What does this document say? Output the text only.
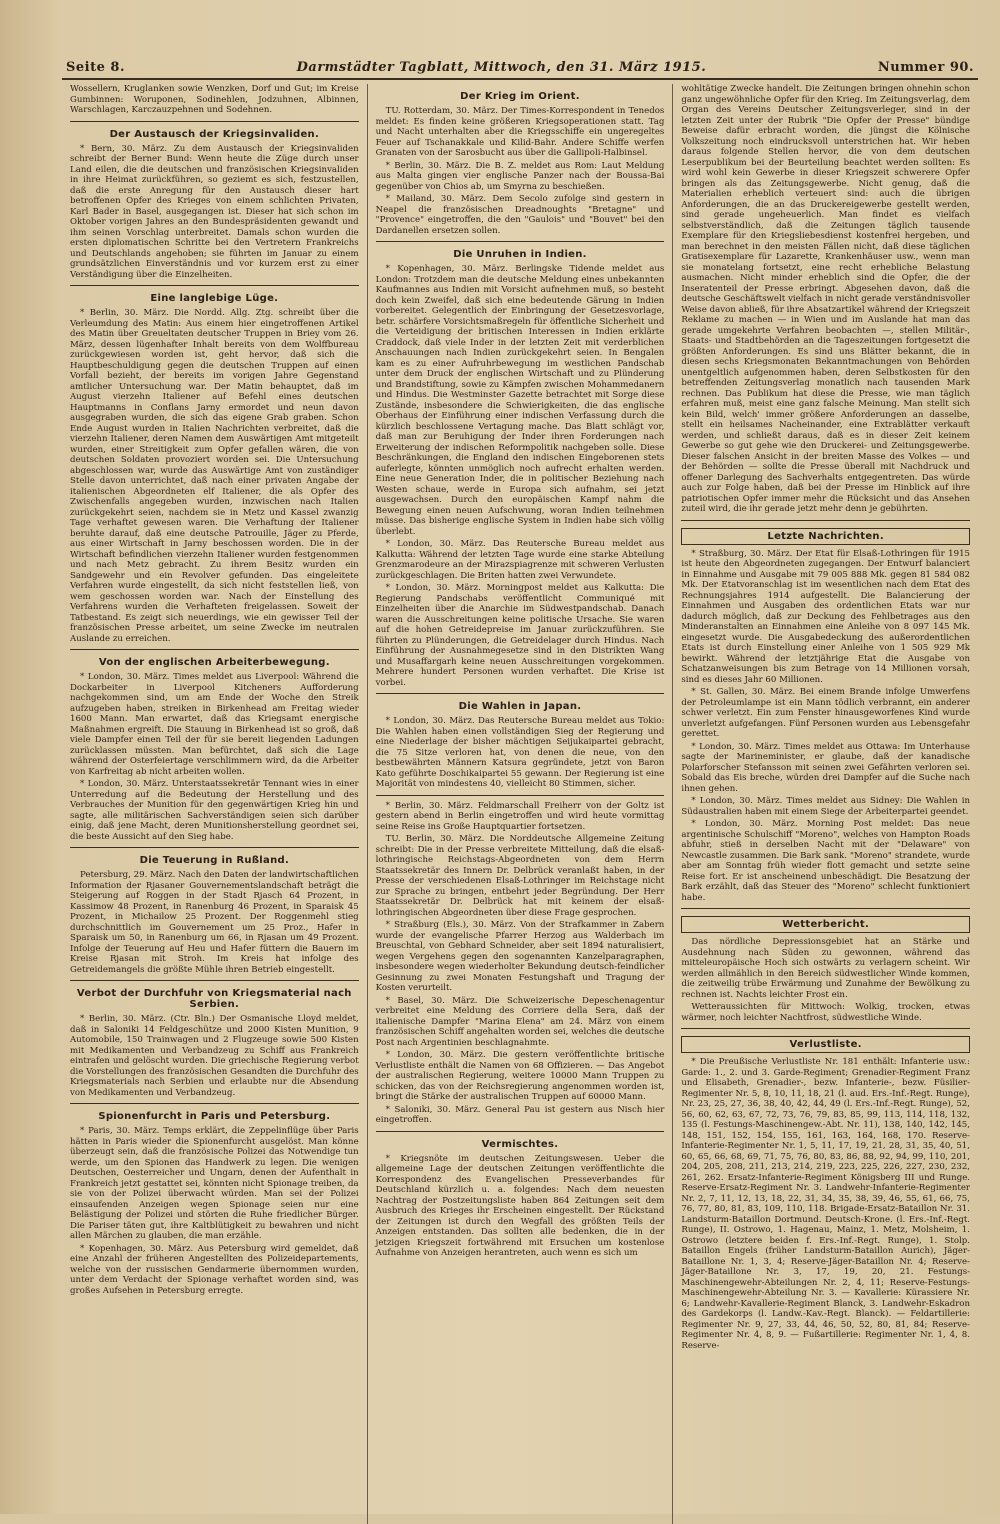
Seite 8.	Darmstädter Tagblatt, Mittwoch, den 31. März 1915.	Nummer 90.

Wossellern, Kruglanken sowie Wenzken, Dorf und Gut; im Kreise Gumbinnen: Woruponen, Sodinehlen, Jodzuhnen, Albinnen, Warschlagen, Karczauzpehnen und Sodehnen.

Der Austausch der Kriegsinvaliden.

* Bern, 30. März. Zu dem Austausch der Kriegsinvaliden schreibt der Berner Bund: Wenn heute die Züge durch unser Land eilen, die die deutschen und französischen Kriegsinvaliden in ihre Heimat zurückführen, so geziemt es sich, festzustellen, daß die erste Anregung für den Austausch dieser hart betroffenen Opfer des Krieges von einem schlichten Privaten, Karl Bader in Basel, ausgegangen ist. Dieser hat sich schon im Oktober vorigen Jahres an den Bundespräsidenten gewandt und ihm seinen Vorschlag unterbreitet. Damals schon wurden die ersten diplomatischen Schritte bei den Vertretern Frankreichs und Deutschlands angehoben; sie führten im Januar zu einem grundsätzlichen Einverständnis und vor kurzem erst zu einer Verständigung über die Einzelheiten.

Eine langlebige Lüge.

* Berlin, 30. März. Die Nordd. Allg. Ztg. schreibt über die Verleumdung des Matin: Aus einem hier eingetroffenen Artikel des Matin über Greueltaten deutscher Truppen in Briey vom 26. März, dessen lügenhafter Inhalt bereits von dem Wolffbureau zurückgewiesen worden ist, geht hervor, daß sich die Hauptbeschuldigung gegen die deutschen Truppen auf einen Vorfall bezieht, der bereits im vorigen Jahre Gegenstand amtlicher Untersuchung war. Der Matin behauptet, daß im August vierzehn Italiener auf Befehl eines deutschen Hauptmanns in Conflans Jarny ermordet und neun davon ausgegraben wurden, die sich das eigene Grab graben. Schon Ende August wurden in Italien Nachrichten verbreitet, daß die vierzehn Italiener, deren Namen dem Auswärtigen Amt mitgeteilt wurden, einer Streitigkeit zum Opfer gefallen wären, die von deutschen Soldaten provoziert worden sei. Die Untersuchung abgeschlossen war, wurde das Auswärtige Amt von zuständiger Stelle davon unterrichtet, daß nach einer privaten Angabe der italienischen Abgeordneten elf Italiener, die als Opfer des Zwischenfalls angegeben wurden, inzwischen nach Italien zurückgekehrt seien, nachdem sie in Metz und Kassel zwanzig Tage verhaftet gewesen waren. Die Verhaftung der Italiener beruhte darauf, daß eine deutsche Patrouille, Jäger zu Pferde, aus einer Wirtschaft in Jarny beschossen worden. Die in der Wirtschaft befindlichen vierzehn Italiener wurden festgenommen und nach Metz gebracht. Zu ihrem Besitz wurden ein Sandgewehr und ein Revolver gefunden. Das eingeleitete Verfahren wurde eingestellt, da sich nicht feststellen ließ, von wem geschossen worden war. Nach der Einstellung des Verfahrens wurden die Verhafteten freigelassen. Soweit der Tatbestand. Es zeigt sich neuerdings, wie ein gewisser Teil der französischen Presse arbeitet, um seine Zwecke im neutralen Auslande zu erreichen.

Von der englischen Arbeiterbewegung.

* London, 30. März. Times meldet aus Liverpool: Während die Dockarbeiter in Liverpool Kitcheners Aufforderung nachgekommen sind, um am Ende der Woche den Streik aufzugeben haben, streiken in Birkenhead am Freitag wieder 1600 Mann. Man erwartet, daß das Kriegsamt energische Maßnahmen ergreift. Die Stauung in Birkenhead ist so groß, daß viele Dampfer einen Teil der für sie bereit liegenden Ladungen zurücklassen müssten. Man befürchtet, daß sich die Lage während der Osterfeiertage verschlimmern wird, da die Arbeiter von Karfreitag ab nicht arbeiten wollen.

* London, 30. März. Unterstaatssekretär Tennant wies in einer Unterredung auf die Bedeutung der Herstellung und des Verbrauches der Munition für den gegenwärtigen Krieg hin und sagte, alle militärischen Sachverständigen seien sich darüber einig, daß jene Macht, deren Munitionsherstellung geordnet sei, die beste Aussicht auf den Sieg habe.

Die Teuerung in Rußland.

Petersburg, 29. März. Nach den Daten der landwirtschaftlichen Information der Rjasaner Gouvernementslandschaft beträgt die Steigerung auf Roggen in der Stadt Rjasch 64 Prozent, in Kassimow 48 Prozent, in Ranenburg 46 Prozent, in Sparaisk 45 Prozent, in Michailow 25 Prozent. Der Roggenmehl stieg durchschnittlich im Gouvernement um 25 Proz., Hafer in Sparaisk um 50, in Ranenburg um 66, in Rjasan um 49 Prozent. Infolge der Teuerung auf Heu und Hafer füttern die Bauern im Kreise Rjasan mit Stroh. Im Kreis hat infolge des Getreidemangels die größte Mühle ihren Betrieb eingestellt.

Verbot der Durchfuhr von Kriegsmaterial nach Serbien.

* Berlin, 30. März. (Ctr. Bln.) Der Osmanische Lloyd meldet, daß in Saloniki 14 Feldgeschütze und 2000 Kisten Munition, 9 Automobile, 150 Trainwagen und 2 Flugzeuge sowie 500 Kisten mit Medikamenten und Verbandzeug zu Schiff aus Frankreich eintrafen und gelöscht wurden. Die griechische Regierung verbot die Vorstellungen des französischen Gesandten die Durchfuhr des Kriegsmaterials nach Serbien und erlaubte nur die Absendung von Medikamenten und Verbandzeug.

Spionenfurcht in Paris und Petersburg.

* Paris, 30. März. Temps erklärt, die Zeppelinflüge über Paris hätten in Paris wieder die Spionenfurcht ausgelöst. Man könne überzeugt sein, daß die französische Polizei das Notwendige tun werde, um den Spionen das Handwerk zu legen. Die wenigen Deutschen, Oesterreicher und Ungarn, denen der Aufenthalt in Frankreich jetzt gestattet sei, könnten nicht Spionage treiben, da sie von der Polizei überwacht würden. Man sei der Polizei einsaufenden Anzeigen wegen Spionage seien nur eine Belästigung der Polizei und störten die Ruhe friedlicher Bürger. Die Pariser täten gut, ihre Kaltblütigkeit zu bewahren und nicht allen Märchen zu glauben, die man erzähle.

* Kopenhagen, 30. März. Aus Petersburg wird gemeldet, daß eine Anzahl der früheren Angestellten des Polizeidepartements, welche von der russischen Gendarmerie übernommen wurden, unter dem Verdacht der Spionage verhaftet worden sind, was großes Aufsehen in Petersburg erregte.

Der Krieg im Orient.

TU. Rotterdam, 30. März. Der Times-Korrespondent in Tenedos meldet: Es finden keine größeren Kriegsoperationen statt. Tag und Nacht unterhalten aber die Kriegsschiffe ein ungeregeltes Feuer auf Tschanakkale und Kilid-Bahr. Andere Schiffe werfen Granaten von der Sarosbucht aus über die Gallipoli-Halbinsel.

* Berlin, 30. März. Die B. Z. meldet aus Rom: Laut Meldung aus Malta gingen vier englische Panzer nach der Boussa-Bai gegenüber von Chios ab, um Smyrna zu beschießen.

* Mailand, 30. März. Dem Secolo zufolge sind gestern in Neapel die französischen Dreadnoughts "Bretagne" und "Provence" eingetroffen, die den "Gaulois" und "Bouvet" bei den Dardanellen ersetzen sollen.

Die Unruhen in Indien.

* Kopenhagen, 30. März. Berlingske Tidende meldet aus London: Trotzdem man die deutsche Meldung eines unbekannten Kaufmannes aus Indien mit Vorsicht aufnehmen muß, so besteht doch kein Zweifel, daß sich eine bedeutende Gärung in Indien vorbereitet. Gelegentlich der Einbringung der Gesetzesvorlage, betr. schärfere Vorsichtsmaßregeln für öffentliche Sicherheit und die Verteidigung der britischen Interessen in Indien erklärte Craddock, daß viele Inder in der letzten Zeit mit verderblichen Anschauungen nach Indien zurückgekehrt seien. In Bengalen kam es zu einer Aufruhrbewegung im westlichen Pandschab unter dem Druck der englischen Wirtschaft und zu Plünderung und Brandstiftung, sowie zu Kämpfen zwischen Mohammedanern und Hindus. Die Westminster Gazette betrachtet mit Sorge diese Zustände, insbesondere die Schwierigkeiten, die das englische Oberhaus der Einführung einer indischen Verfassung durch die kürzlich beschlossene Vertagung mache. Das Blatt schlägt vor, daß man zur Beruhigung der Inder ihren Forderungen nach Erweiterung der indischen Reformpolitik nachgeben solle. Diese Beschränkungen, die England den indischen Eingeborenen stets auferlegte, könnten unmöglich noch aufrecht erhalten werden. Eine neue Generation Inder, die in politischer Beziehung nach Westen schaue, werde in Europa sich aufnahm, sei jetzt ausgewachsen. Durch den europäischen Kampf nahm die Bewegung einen neuen Aufschwung, woran Indien teilnehmen müsse. Das bisherige englische System in Indien habe sich völlig überlebt.

* London, 30. März. Das Reutersche Bureau meldet aus Kalkutta: Während der letzten Tage wurde eine starke Abteilung Grenzmarodeure an der Mirazspiagrenze mit schweren Verlusten zurückgeschlagen. Die Briten hatten zwei Verwundete.

* London, 30. März. Morningpost meldet aus Kalkutta: Die Regierung Pandschabs veröffentlicht Communiqué mit Einzelheiten über die Anarchie im Südwestpandschab. Danach waren die Ausschreitungen keine politische Ursache. Sie waren auf die hohen Getreidepreise im Januar zurückzuführen. Sie führten zu Plünderungen, die Getreidelager durch Hindus. Nach Einführung der Ausnahmegesetze sind in den Distrikten Wang und Musaffargarh keine neuen Ausschreitungen vorgekommen. Mehrere hundert Personen wurden verhaftet. Die Krise ist vorbei.

Die Wahlen in Japan.

* London, 30. März. Das Reutersche Bureau meldet aus Tokio: Die Wahlen haben einen vollständigen Sieg der Regierung und eine Niederlage der bisher mächtigen Seijukaipartei gebracht, die 75 Sitze verloren hat, von denen die neue, von den bestbewährten Männern Katsura gegründete, jetzt von Baron Kato geführte Doschikaipartei 55 gewann. Der Regierung ist eine Majorität von mindestens 40, vielleicht 80 Stimmen, sicher.

* Berlin, 30. März. Feldmarschall Freiherr von der Goltz ist gestern abend in Berlin eingetroffen und wird heute vormittag seine Reise ins Große Hauptquartier fortsetzen.

TU. Berlin, 30. März. Die Norddeutsche Allgemeine Zeitung schreibt: Die in der Presse verbreitete Mitteilung, daß die elsaß-lothringische Reichstags-Abgeordneten von dem Herrn Staatssekretär des Innern Dr. Delbrück veranlaßt haben, in der Presse der verschiedenen Elsaß-Lothringer im Reichstage nicht zur Sprache zu bringen, entbehrt jeder Begründung. Der Herr Staatssekretär Dr. Delbrück hat mit keinem der elsaß-lothringischen Abgeordneten über diese Frage gesprochen.

* Straßburg (Els.), 30. März. Von der Strafkammer in Zabern wurde der evangelische Pfarrer Herzog aus Walderbach im Breuschtal, von Gebhard Schneider, aber seit 1894 naturalisiert, wegen Vergehens gegen den sogenannten Kanzelparagraphen, insbesondere wegen wiederholter Bekundung deutsch-feindlicher Gesinnung zu zwei Monaten Festungshaft und Tragung der Kosten verurteilt.

* Basel, 30. März. Die Schweizerische Depeschenagentur verbreitet eine Meldung des Corriere della Sera, daß der italienische Dampfer "Marina Elena" am 24. März von einem französischen Schiff angehalten worden sei, welches die deutsche Post nach Argentinien beschlagnahmte.

* London, 30. März. Die gestern veröffentlichte britische Verlustliste enthält die Namen von 68 Offizieren. — Das Angebot der australischen Regierung, weitere 10000 Mann Truppen zu schicken, das von der Reichsregierung angenommen worden ist, bringt die Stärke der australischen Truppen auf 60000 Mann.

* Saloniki, 30. März. General Pau ist gestern aus Nisch hier eingetroffen.

Vermischtes.

* Kriegsnöte im deutschen Zeitungswesen. Ueber die allgemeine Lage der deutschen Zeitungen veröffentlichte die Korrespondenz des Evangelischen Presseverbandes für Deutschland kürzlich u. a. folgendes: Nach dem neuesten Nachtrag der Postzeitungsliste haben 864 Zeitungen seit dem Ausbruch des Krieges ihr Erscheinen eingestellt. Der Rückstand der Zeitungen ist durch den Wegfall des größten Teils der Anzeigen entstanden. Das sollten alle bedenken, die in der jetzigen Kriegszeit fortwährend mit Ersuchen um kostenlose Aufnahme von Anzeigen herantreten, auch wenn es sich um

wohltätige Zwecke handelt. Die Zeitungen bringen ohnehin schon ganz ungewöhnliche Opfer für den Krieg. Im Zeitungsverlag, dem Organ des Vereins Deutscher Zeitungsverleger, sind in der letzten Zeit unter der Rubrik "Die Opfer der Presse" bündige Beweise dafür erbracht worden, die jüngst die Kölnische Volkszeitung noch eindrucksvoll unterstrichen hat. Wir heben daraus folgende Stellen hervor, die von dem deutschen Leserpublikum bei der Beurteilung beachtet werden sollten: Es wird wohl kein Gewerbe in dieser Kriegszeit schwerere Opfer bringen als das Zeitungsgewerbe. Nicht genug, daß die Materialien erheblich verteuert sind: auch die übrigen Anforderungen, die an das Druckereigewerbe gestellt werden, sind gerade ungeheuerlich. Man findet es vielfach selbstverständlich, daß die Zeitungen täglich tausende Exemplare für den Kriegsliebesdienst kostenfrei hergeben, und man berechnet in den meisten Fällen nicht, daß diese täglichen Gratisexemplare für Lazarette, Krankenhäuser usw., wenn man sie monatelang fortsetzt, eine recht erhebliche Belastung ausmachen. Nicht minder erheblich sind die Opfer, die der Inseratenteil der Presse erbringt. Abgesehen davon, daß die deutsche Geschäftswelt vielfach in nicht gerade verständnisvoller Weise davon abließ, für ihre Absatzartikel während der Kriegszeit Reklame zu machen — in Wien und im Auslande hat man das gerade umgekehrte Verfahren beobachten —, stellen Militär-, Staats- und Stadtbehörden an die Tageszeitungen fortgesetzt die größten Anforderungen. Es sind uns Blätter bekannt, die in diesen sechs Kriegsmonaten Bekanntmachungen von Behörden unentgeltlich aufgenommen haben, deren Selbstkosten für den betreffenden Zeitungsverlag monatlich nach tausenden Mark rechnen. Das Publikum hat diese die Presse, wie man täglich erfahren muß, meist eine ganz falsche Meinung. Man stellt sich kein Bild, welch' immer größere Anforderungen an dasselbe, stellt ein heilsames Nacheinander, eine Extrablätter verkauft werden, und schließt daraus, daß es in dieser Zeit keinem Gewerbe so gut gehe wie den Druckerei- und Zeitungsgewerbe. Dieser falschen Ansicht in der breiten Masse des Volkes — und der Behörden — sollte die Presse überall mit Nachdruck und offener Darlegung des Sachverhalts entgegentreten. Das würde auch zur Folge haben, daß bei der Presse im Hinblick auf ihre patriotischen Opfer immer mehr die Rücksicht und das Ansehen zuteil wird, die ihr gerade jetzt mehr denn je gebührten.

Letzte Nachrichten.

* Straßburg, 30. März. Der Etat für Elsaß-Lothringen für 1915 ist heute den Abgeordneten zugegangen. Der Entwurf balanciert in Einnahme und Ausgabe mit 79 005 888 Mk. gegen 81 584 082 Mk. Der Etatvoranschlag ist im wesentlichen nach dem Etat des Rechnungsjahres 1914 aufgestellt. Die Balancierung der Einnahmen und Ausgaben des ordentlichen Etats war nur dadurch möglich, daß zur Deckung des Fehlbetrages aus den Minderanstalten an Einnahmen eine Anleihe von 8 097 145 Mk. eingesetzt wurde. Die Ausgabedeckung des außerordentlichen Etats ist durch Einstellung einer Anleihe von 1 505 929 Mk bewirkt. Während der letztjährige Etat die Ausgabe von Schatzanweisungen bis zum Betrage von 14 Millionen vorsah, sind es dieses Jahr 60 Millionen.

* St. Gallen, 30. März. Bei einem Brande infolge Umwerfens der Petroleumlampe ist ein Mann tödlich verbrannt, ein anderer schwer verletzt. Ein zum Fenster hinausgeworfenes Kind wurde unverletzt aufgefangen. Fünf Personen wurden aus Lebensgefahr gerettet.

* London, 30. März. Times meldet aus Ottawa: Im Unterhause sagte der Marineminister, er glaube, daß der kanadische Polarforscher Stefansson mit seinen zwei Gefährten verloren sei. Sobald das Eis breche, würden drei Dampfer auf die Suche nach ihnen gehen.

* London, 30. März. Times meldet aus Sidney: Die Wahlen in Südaustralien haben mit einem Siege der Arbeiterpartei geendet.

* London, 30. März. Morning Post meldet: Das neue argentinische Schulschiff "Moreno", welches von Hampton Roads abfuhr, stieß in derselben Nacht mit der "Delaware" von Newcastle zusammen. Die Bark sank. "Moreno" strandete, wurde aber am Sonntag früh wieder flott gemacht und setzte seine Reise fort. Er ist anscheinend unbeschädigt. Die Besatzung der Bark erzählt, daß das Steuer des "Moreno" schlecht funktioniert habe.

Wetterbericht.

Das nördliche Depressionsgebiet hat an Stärke und Ausdehnung nach Süden zu gewonnen, während das mitteleuropäische Hoch sich ostwärts zu verlagern scheint. Wir werden allmählich in den Bereich südwestlicher Winde kommen, die zeitweilig trübe Erwärmung und Zunahme der Bewölkung zu rechnen ist. Nachts leichter Frost ein.

Wetteraussichten für Mittwoch: Wolkig, trocken, etwas wärmer, noch leichter Nachtfrost, südwestliche Winde.

Verlustliste.

* Die Preußische Verlustliste Nr. 181 enthält: Infanterie usw.: Garde: 1., 2. und 3. Garde-Regiment; Grenadier-Regiment Franz und Elisabeth, Grenadier-, bezw. Infanterie-, bezw. Füsilier-Regimenter Nr. 5, 8, 10, 11, 18, 21 (l. aud. Ers.-Inf.-Regt. Runge), Nr. 23, 25, 27, 36, 38, 40, 42, 44, 49 (l. Ers.-Inf.-Regt. Runge), 52, 56, 60, 62, 63, 67, 72, 73, 76, 79, 83, 85, 99, 113, 114, 118, 132, 135 (l. Festungs-Maschinengew.-Abt. Nr. 11), 138, 140, 142, 145, 148, 151, 152, 154, 155, 161, 163, 164, 168, 170. Reserve-Infanterie-Regimenter Nr. 1, 5, 11, 17, 19, 21, 28, 31, 35, 40, 51, 60, 65, 66, 68, 69, 71, 75, 76, 80, 83, 86, 88, 92, 94, 99, 110, 201, 204, 205, 208, 211, 213, 214, 219, 223, 225, 226, 227, 230, 232, 261, 262. Ersatz-Infanterie-Regiment Königsberg III und Runge. Reserve-Ersatz-Regiment Nr. 3. Landwehr-Infanterie-Regimenter Nr. 2, 7, 11, 12, 13, 18, 22, 31, 34, 35, 38, 39, 46, 55, 61, 66, 75, 76, 77, 80, 81, 83, 109, 110, 118. Brigade-Ersatz-Bataillon Nr. 31. Landsturm-Bataillon Dortmund. Deutsch-Krone. (l. Ers.-Inf.-Regt. Runge), II. Ostrowo, 1. Hagenau, Mainz, 1. Metz, Molsheim, 1. Ostrowo (letztere beiden f. Ers.-Inf.-Regt. Runge), 1. Stolp. Bataillon Engels (früher Landsturm-Bataillon Aurich), Jäger-Bataillone Nr. 1, 3, 4; Reserve-Jäger-Bataillon Nr. 4; Reserve-Jäger-Bataillone Nr. 3, 17, 19, 20, 21. Festungs-Maschinengewehr-Abteilungen Nr. 2, 4, 11; Reserve-Festungs-Maschinengewehr-Abteilung Nr. 3. — Kavallerie: Kürassiere Nr. 6; Landwehr-Kavallerie-Regiment Blanck, 3. Landwehr-Eskadron des Gardekorps (l. Landw.-Kav.-Regt. Blanck). — Feldartillerie: Regimenter Nr. 9, 27, 33, 44, 46, 50, 52, 80, 81, 84; Reserve-Regimenter Nr. 4, 8, 9. — Fußartillerie: Regimenter Nr. 1, 4, 8. Reserve-
